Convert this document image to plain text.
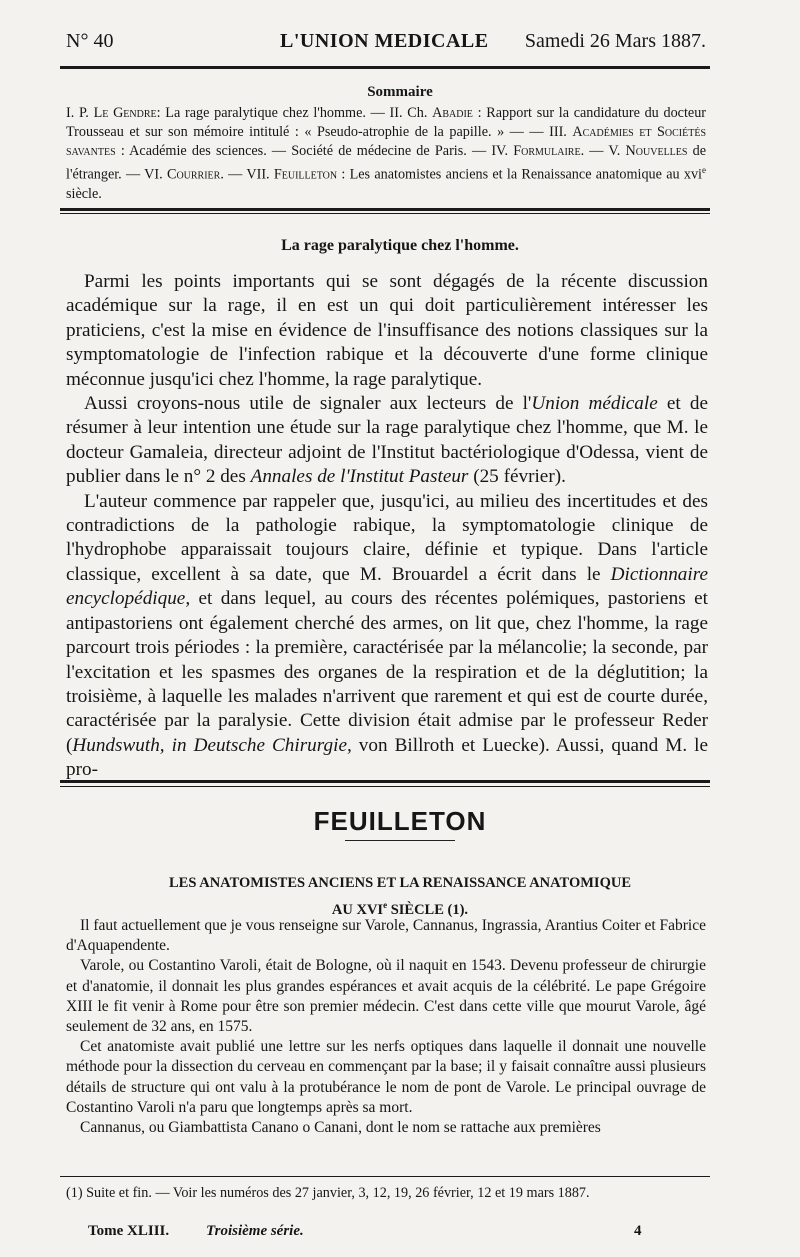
N° 40	L'UNION MEDICALE Samedi 26 Mars 1887.
Sommaire

I. P. Le Gendre: La rage paralytique chez l'homme. — II. Ch. Abadie : Rapport sur la candidature du docteur Trousseau et sur son mémoire intitulé : « Pseudo-atrophie de la papille. » — — III. Académies et Sociétés savantes : Académie des sciences. — Société de médecine de Paris. — IV. Formulaire. — V. Nouvelles de l'étranger. — VI. Courrier. — VII. Feuilleton : Les anatomistes anciens et la Renaissance anatomique au xvi$^e$ siècle.

La rage paralytique chez l'homme.

Parmi les points importants qui se sont dégagés de la récente discussion académique sur la rage, il en est un qui doit particulièrement intéresser les praticiens, c'est la mise en évidence de l'insuffisance des notions classiques sur la symptomatologie de l'infection rabique et la découverte d'une forme clinique méconnue jusqu'ici chez l'homme, la rage paralytique.

Aussi croyons-nous utile de signaler aux lecteurs de l'Union médicale et de résumer à leur intention une étude sur la rage paralytique chez l'homme, que M. le docteur Gamaleia, directeur adjoint de l'Institut bactériologique d'Odessa, vient de publier dans le n° 2 des Annales de l'Institut Pasteur (25 février).

L'auteur commence par rappeler que, jusqu'ici, au milieu des incertitudes et des contradictions de la pathologie rabique, la symptomatologie clinique de l'hydrophobe apparaissait toujours claire, définie et typique. Dans l'article classique, excellent à sa date, que M. Brouardel a écrit dans le Dictionnaire encyclopédique, et dans lequel, au cours des récentes polémiques, pastoriens et antipastoriens ont également cherché des armes, on lit que, chez l'homme, la rage parcourt trois périodes : la première, caractérisée par la mélancolie; la seconde, par l'excitation et les spasmes des organes de la respiration et de la déglutition; la troisième, à laquelle les malades n'arrivent que rarement et qui est de courte durée, caractérisée par la paralysie. Cette division était admise par le professeur Reder (Hundswuth, in Deutsche Chirurgie, von Billroth et Luecke). Aussi, quand M. le pro-

FEUILLETON
LES ANATOMISTES ANCIENS ET LA RENAISSANCE ANATOMIQUE
AU XVIe SIÈCLE (1).

Il faut actuellement que je vous renseigne sur Varole, Cannanus, Ingrassia, Arantius Coiter et Fabrice d'Aquapendente.

Varole, ou Costantino Varoli, était de Bologne, où il naquit en 1543. Devenu professeur de chirurgie et d'anatomie, il donnait les plus grandes espérances et avait acquis de la célébrité. Le pape Grégoire XIII le fit venir à Rome pour être son premier médecin. C'est dans cette ville que mourut Varole, âgé seulement de 32 ans, en 1575.

Cet anatomiste avait publié une lettre sur les nerfs optiques dans laquelle il donnait une nouvelle méthode pour la dissection du cerveau en commençant par la base; il y faisait connaître aussi plusieurs détails de structure qui ont valu à la protubérance le nom de pont de Varole. Le principal ouvrage de Costantino Varoli n'a paru que longtemps après sa mort.

Cannanus, ou Giambattista Canano o Canani, dont le nom se rattache aux premières

(1) Suite et fin. — Voir les numéros des 27 janvier, 3, 12, 19, 26 février, 12 et 19 mars 1887.

Tome XLIII. Troisième série.	4
